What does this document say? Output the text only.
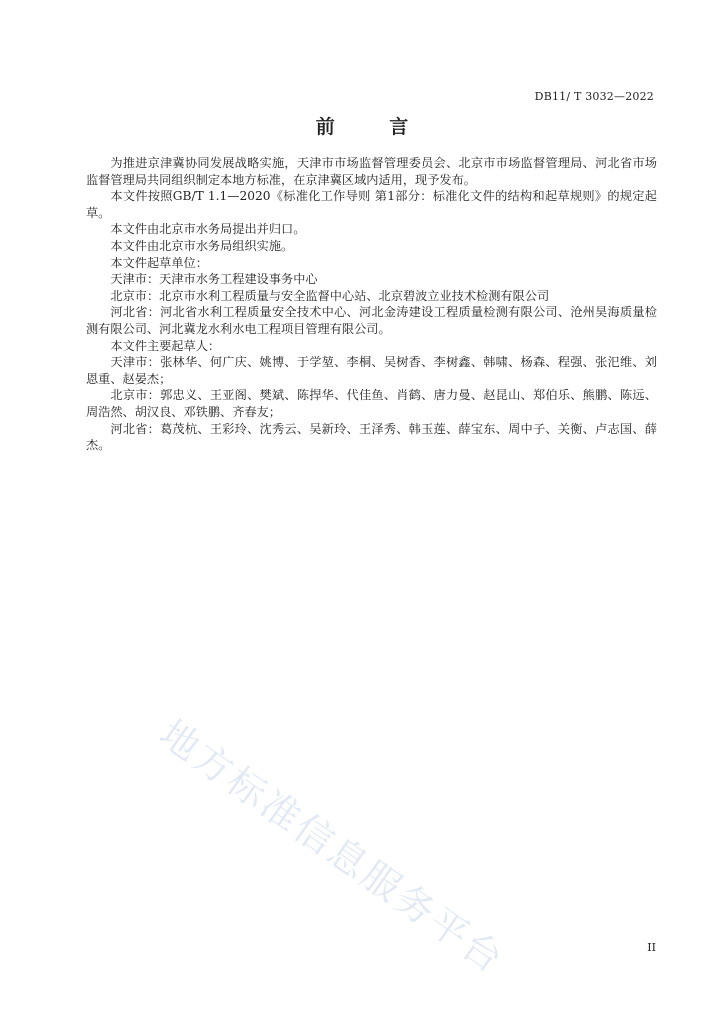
DB11/ T 3032—2022
前 言

为推进京津冀协同发展战略实施，天津市市场监督管理委员会、北京市市场监督管理局、河北省市场监督管理局共同组织制定本地方标准，在京津冀区域内适用，现予发布。

本文件按照GB/T 1.1—2020《标准化工作导则 第1部分：标准化文件的结构和起草规则》的规定起草。

本文件由北京市水务局提出并归口。

本文件由北京市水务局组织实施。

本文件起草单位：

天津市：天津市水务工程建设事务中心

北京市：北京市水利工程质量与安全监督中心站、北京碧波立业技术检测有限公司

河北省：河北省水利工程质量安全技术中心、河北金涛建设工程质量检测有限公司、沧州昊海质量检测有限公司、河北冀龙水利水电工程项目管理有限公司。

本文件主要起草人：

天津市：张林华、何广庆、姚博、于学堃、李桐、吴树香、李树鑫、韩啸、杨森、程强、张汜维、刘恩重、赵晏杰；

北京市：郭忠义、王亚阁、樊斌、陈捍华、代佳鱼、肖鹤、唐力曼、赵昆山、郑伯乐、熊鹏、陈远、周浩然、胡汉良、邓铁鹏、齐春友；

河北省：葛茂杭、王彩玲、沈秀云、吴新玲、王泽秀、韩玉莲、薛宝东、周中子、关衡、卢志国、薛杰。

地方标准信息服务平台	II
